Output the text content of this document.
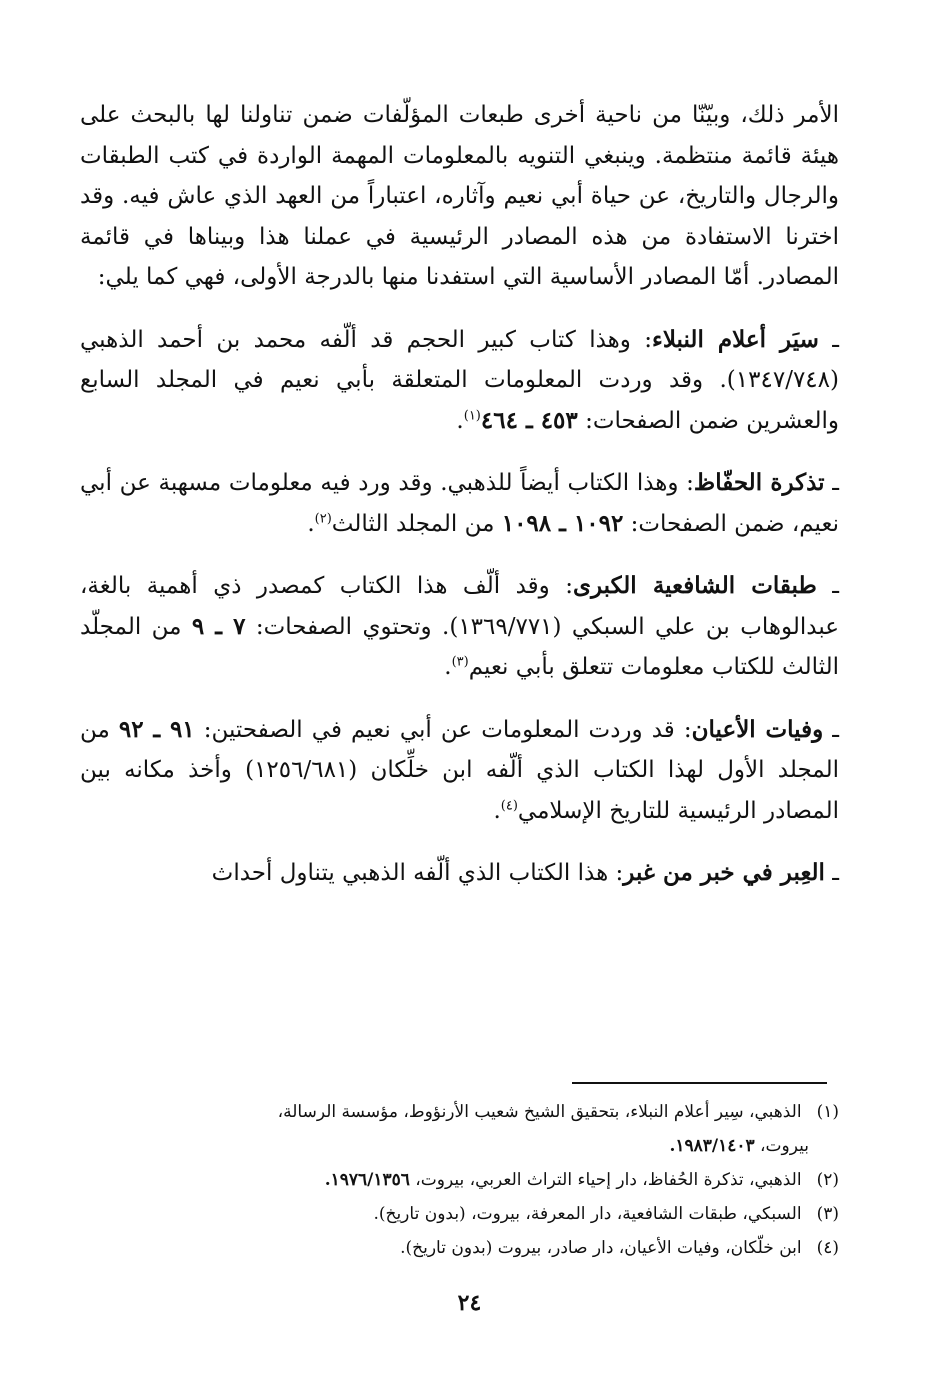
الأمر ذلك، وبيّنّا من ناحية أخرى طبعات المؤلّفات ضمن تناولنا لها بالبحث على هيئة قائمة منتظمة. وينبغي التنويه بالمعلومات المهمة الواردة في كتب الطبقات والرجال والتاريخ، عن حياة أبي نعيم وآثاره، اعتباراً من العهد الذي عاش فيه. وقد اخترنا الاستفادة من هذه المصادر الرئيسية في عملنا هذا وبيناها في قائمة المصادر. أمّا المصادر الأساسية التي استفدنا منها بالدرجة الأولى، فهي كما يلي:

ـ سيَر أعلام النبلاء: وهذا كتاب كبير الحجم قد ألّفه محمد بن أحمد الذهبي (١٣٤٧/٧٤٨). وقد وردت المعلومات المتعلقة بأبي نعيم في المجلد السابع والعشرين ضمن الصفحات: ٤٥٣ ـ ٤٦٤$^{(١)}$.

ـ تذكرة الحفّاظ: وهذا الكتاب أيضاً للذهبي. وقد ورد فيه معلومات مسهبة عن أبي نعيم، ضمن الصفحات: ١٠٩٢ ـ ١٠٩٨ من المجلد الثالث$^{(٢)}$.

ـ طبقات الشافعية الكبرى: وقد ألّف هذا الكتاب كمصدر ذي أهمية بالغة، عبدالوهاب بن علي السبكي (١٣٦٩/٧٧١). وتحتوي الصفحات: ٧ ـ ٩ من المجلّد الثالث للكتاب معلومات تتعلق بأبي نعيم$^{(٣)}$.

ـ وفيات الأعيان: قد وردت المعلومات عن أبي نعيم في الصفحتين: ٩١ ـ ٩٢ من المجلد الأول لهذا الكتاب الذي ألّفه ابن خلِّكان (١٢٥٦/٦٨١) وأخذ مكانه بين المصادر الرئيسية للتاريخ الإسلامي$^{(٤)}$.

ـ العِبر في خبر من غبر: هذا الكتاب الذي ألّفه الذهبي يتناول أحداث

(١) الذهبي، سِير أعلام النبلاء، بتحقيق الشيخ شعيب الأرنؤوط، مؤسسة الرسالة،

بيروت، ١٩٨٣/١٤٠٣.

(٢) الذهبي، تذكرة الحُفاظ، دار إحياء التراث العربي، بيروت، ١٩٧٦/١٣٥٦.

(٣) السبكي، طبقات الشافعية، دار المعرفة، بيروت، (بدون تاريخ).

(٤) ابن خلّكان، وفيات الأعيان، دار صادر، بيروت (بدون تاريخ).

٢٤
